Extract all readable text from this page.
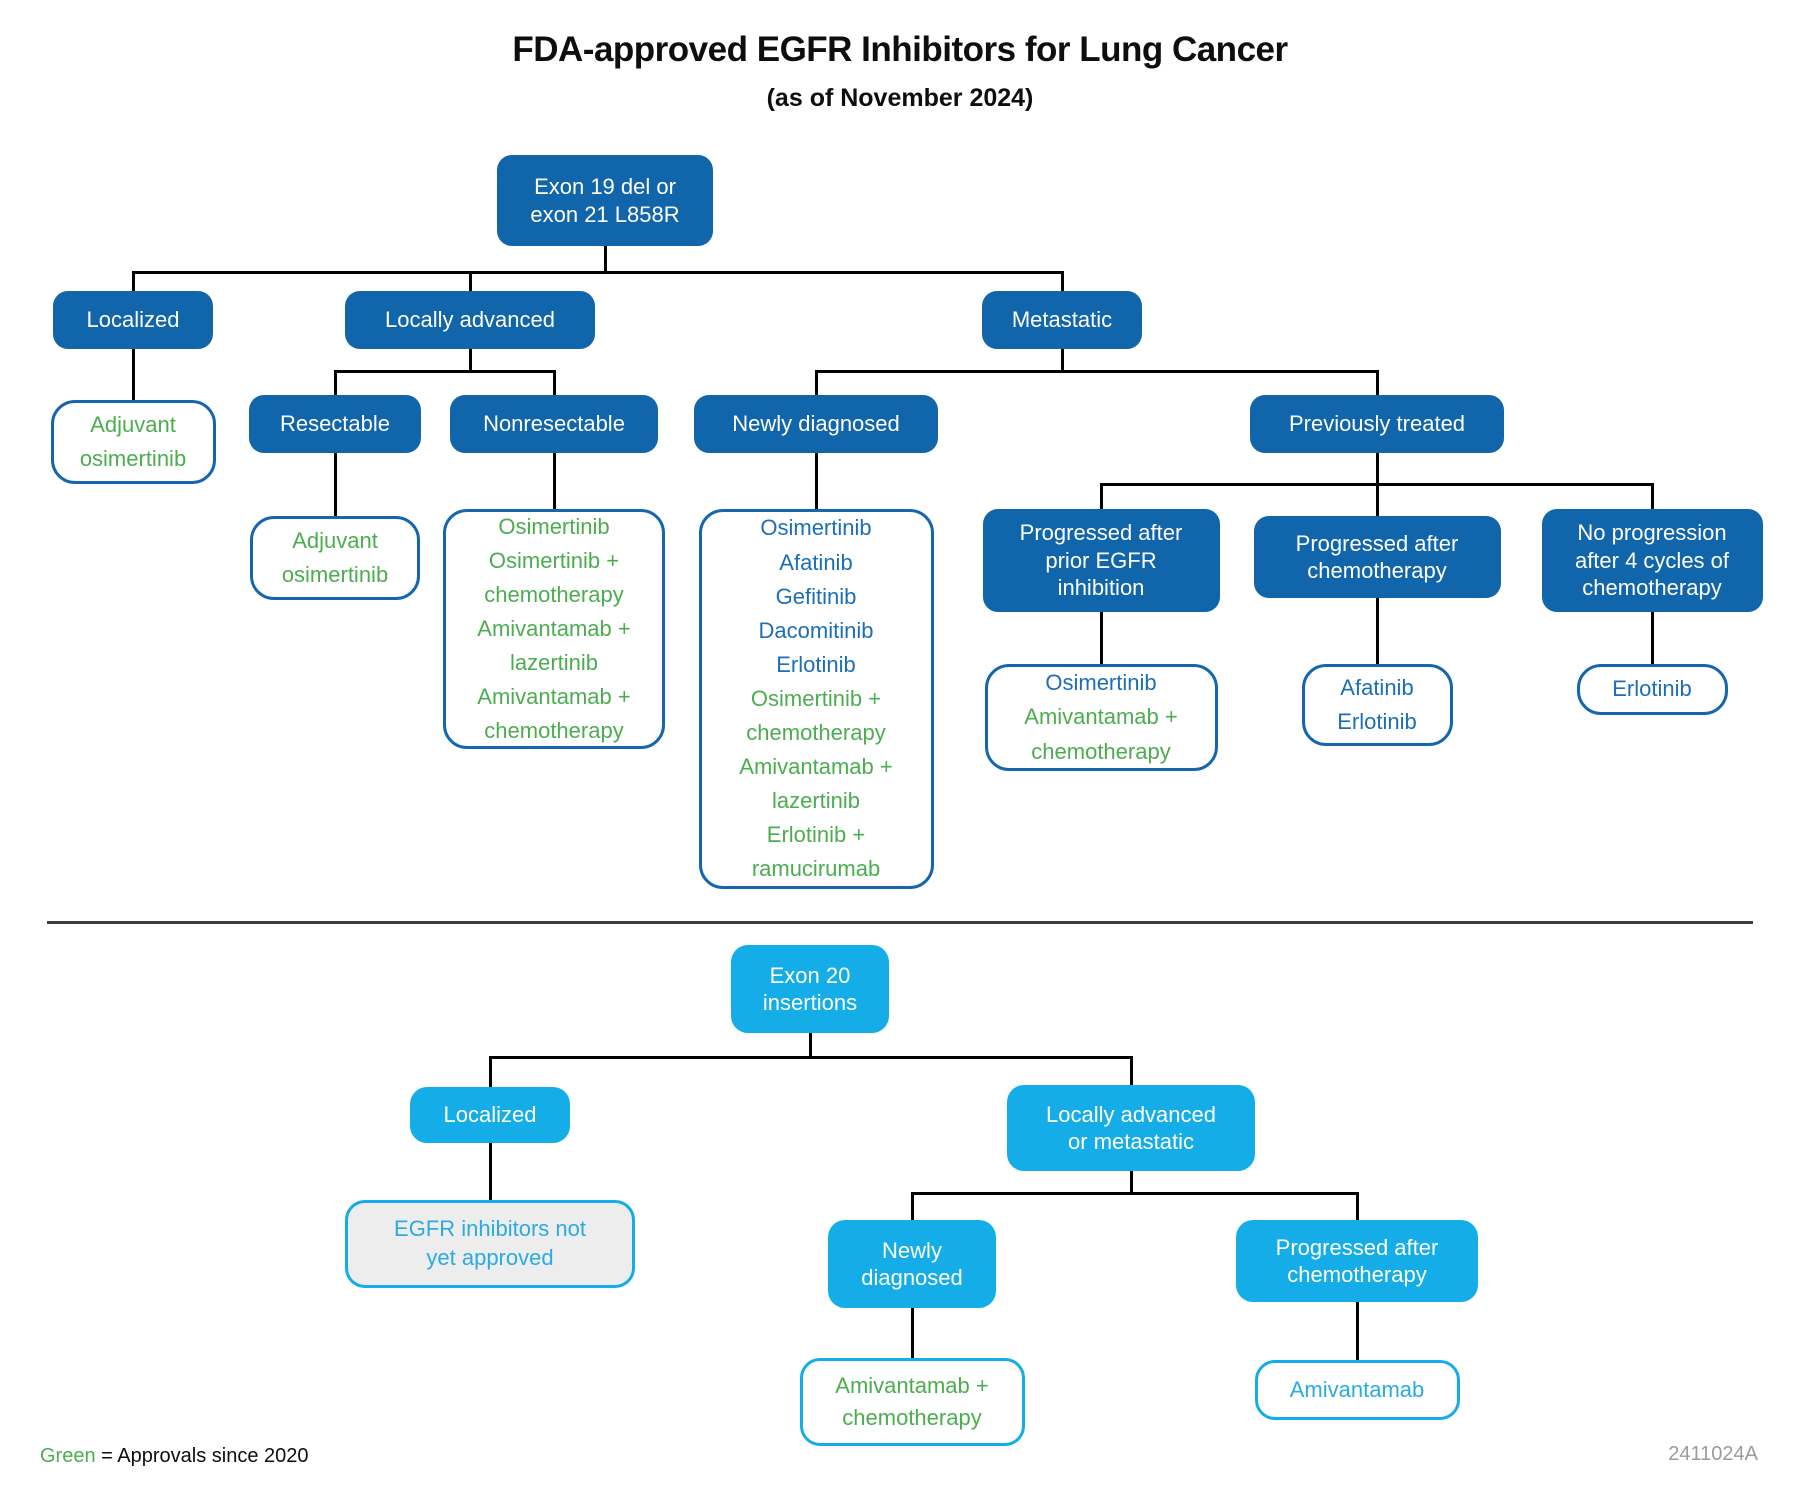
FDA-approved EGFR Inhibitors for Lung Cancer
(as of November 2024)
Green = Approvals since 2020	2411024A
Exon 19 del or
exon 21 L858R
Localized	Locally advanced	Metastatic
Resectable	Nonresectable	Newly diagnosed	Previously treated
Progressed after
prior EGFR
inhibition
Progressed after
chemotherapy
No progression
after 4 cycles of
chemotherapy
Adjuvant
osimertinib
Adjuvant
osimertinib
Osimertinib
Osimertinib +
chemotherapy
Amivantamab +
lazertinib
Amivantamab +
chemotherapy
Osimertinib
Afatinib
Gefitinib
Dacomitinib
Erlotinib
Osimertinib +
chemotherapy
Amivantamab +
lazertinib
Erlotinib +
ramucirumab
Osimertinib
Amivantamab +
chemotherapy
Afatinib
Erlotinib
Erlotinib
Exon 20
insertions
Localized	Locally advanced
or metastatic
Newly
diagnosed
Progressed after
chemotherapy
EGFR inhibitors not
yet approved
Amivantamab +
chemotherapy
Amivantamab
